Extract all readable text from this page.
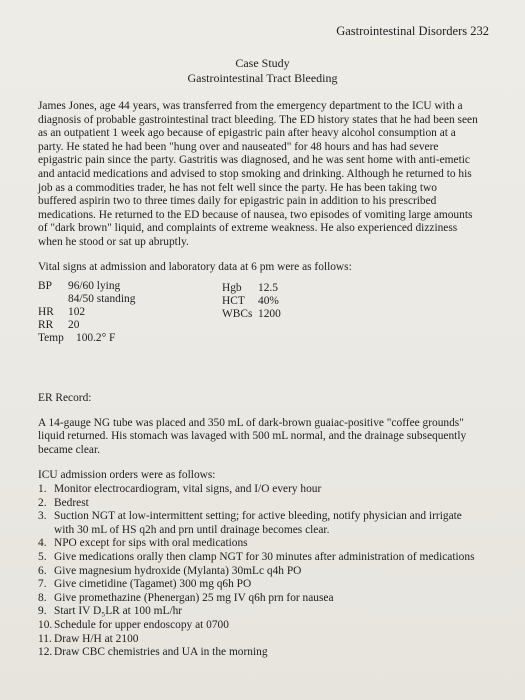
Gastrointestinal Disorders 232
Case Study
Gastrointestinal Tract Bleeding

James Jones, age 44 years, was transferred from the emergency department to the ICU with a diagnosis of probable gastrointestinal tract bleeding. The ED history states that he had been seen as an outpatient 1 week ago because of epigastric pain after heavy alcohol consumption at a party. He stated he had been "hung over and nauseated" for 48 hours and has had severe epigastric pain since the party. Gastritis was diagnosed, and he was sent home with anti-emetic and antacid medications and advised to stop smoking and drinking. Although he returned to his job as a commodities trader, he has not felt well since the party. He has been taking two buffered aspirin two to three times daily for epigastric pain in addition to his prescribed medications. He returned to the ED because of nausea, two episodes of vomiting large amounts of "dark brown" liquid, and complaints of extreme weakness. He also experienced dizziness when he stood or sat up abruptly.

Vital signs at admission and laboratory data at 6 pm were as follows:

BP	96/60 lying
84/50 standing
HR	102
RR	20
Temp	100.2° F
Hgb	12.5
HCT	40%
WBCs 1200

ER Record:

A 14-gauge NG tube was placed and 350 mL of dark-brown guaiac-positive "coffee grounds" liquid returned. His stomach was lavaged with 500 mL normal, and the drainage subsequently became clear.

ICU admission orders were as follows:

1. Monitor electrocardiogram, vital signs, and I/O every hour
2. Bedrest
3. Suction NGT at low-intermittent setting; for active bleeding, notify physician and irrigate with 30 mL of HS q2h and prn until drainage becomes clear.
4. NPO except for sips with oral medications
5. Give medications orally then clamp NGT for 30 minutes after administration of medications
6. Give magnesium hydroxide (Mylanta) 30mLc q4h PO
7. Give cimetidine (Tagamet) 300 mg q6h PO
8. Give promethazine (Phenergan) 25 mg IV q6h prn for nausea
9. Start IV D₅LR at 100 mL/hr
10. Schedule for upper endoscopy at 0700
11. Draw H/H at 2100
12. Draw CBC chemistries and UA in the morning
